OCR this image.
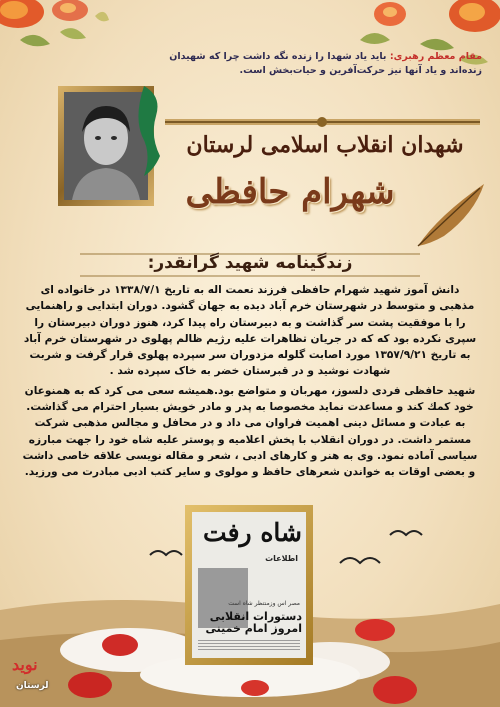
مقام معظم رهبری: باید یاد شهدا را زنده نگه داشت چرا که شهیدان زنده‌اند و یاد آنها نیز حرکت‌آفرین و حیات‌بخش است.
شهدان انقلاب اسلامی لرستان
شهرام حافظی
زندگینامه شهید گرانقدر:

دانش آموز شهید شهرام حافظی فرزند نعمت اله به تاریخ ۱۳۳۸/۷/۱ در خانواده ای مذهبی و متوسط در شهرستان خرم آباد دیده به جهان گشود. دوران ابتدایی و راهنمایی را با موفقیت پشت سر گذاشت و به دبیرستان راه پیدا کرد، هنوز دوران دبیرستان را سپری نکرده بود که که در جریان تظاهرات علیه رژیم ظالم پهلوی در شهرستان خرم آباد به تاریخ ۱۳۵۷/۹/۲۱ مورد اصابت گلوله مزدوران سر سپرده پهلوی قرار گرفت و شربت شهادت نوشید و در قبرستان خضر به خاک سپرده شد .

شهید حافظی فردی دلسوز، مهربان و متواضع بود.همیشه سعی می کرد که به همنوعان خود کمك کند و مساعدت نماید مخصوصا به پدر و مادر خویش بسیار احترام می گذاشت. به عبادت و مسائل دینی اهمیت فراوان می داد و در محافل و مجالس مذهبی شرکت مستمر داشت. در دوران انقلاب با پخش اعلامیه و پوستر علیه شاه خود را جهت مبارزه سیاسی آماده نمود. وی به هنر و کارهای ادبی ، شعر و مقاله نویسی علاقه خاصی داشت و بعضی اوقات به خواندن شعرهای حافظ و مولوی و سایر کتب ادبی مبادرت می ورزید.

شاه رفت
اطلاعات
مصر اس وزمنتظر شاه است
دستورات انقلابی
امروز امام خمینی
نوید
لرستان
